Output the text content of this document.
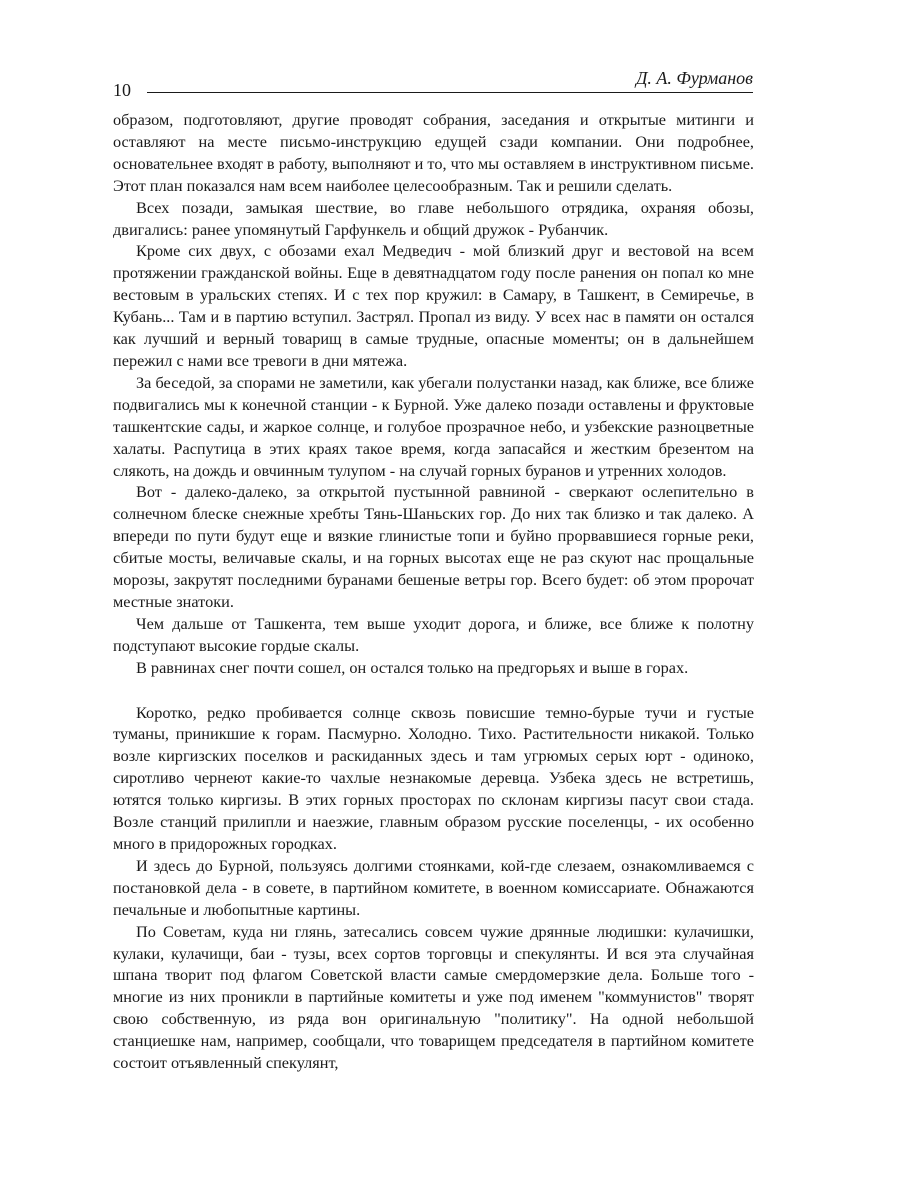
10
Д. А. Фурманов

образом, подготовляют, другие проводят собрания, заседания и открытые митинги и оставляют на месте письмо-инструкцию едущей сзади компании. Они подробнее, основательнее входят в работу, выполняют и то, что мы оставляем в инструктивном письме. Этот план показался нам всем наиболее целесообразным. Так и решили сделать.

Всех позади, замыкая шествие, во главе небольшого отрядика, охраняя обозы, двигались: ранее упомянутый Гарфункель и общий дружок - Рубанчик.

Кроме сих двух, с обозами ехал Медведич - мой близкий друг и вестовой на всем протяжении гражданской войны. Еще в девятнадцатом году после ранения он попал ко мне вестовым в уральских степях. И с тех пор кружил: в Самару, в Ташкент, в Семиречье, в Кубань... Там и в партию вступил. Застрял. Пропал из виду. У всех нас в памяти он остался как лучший и верный товарищ в самые трудные, опасные моменты; он в дальнейшем пережил с нами все тревоги в дни мятежа.

За беседой, за спорами не заметили, как убегали полустанки назад, как ближе, все ближе подвигались мы к конечной станции - к Бурной. Уже далеко позади оставлены и фруктовые ташкентские сады, и жаркое солнце, и голубое прозрачное небо, и узбекские разноцветные халаты. Распутица в этих краях такое время, когда запасайся и жестким брезентом на слякоть, на дождь и овчинным тулупом - на случай горных буранов и утренних холодов.

Вот - далеко-далеко, за открытой пустынной равниной - сверкают ослепительно в солнечном блеске снежные хребты Тянь-Шаньских гор. До них так близко и так далеко. А впереди по пути будут еще и вязкие глинистые топи и буйно прорвавшиеся горные реки, сбитые мосты, величавые скалы, и на горных высотах еще не раз скуют нас прощальные морозы, закрутят последними буранами бешеные ветры гор. Всего будет: об этом пророчат местные знатоки.

Чем дальше от Ташкента, тем выше уходит дорога, и ближе, все ближе к полотну подступают высокие гордые скалы.

В равнинах снег почти сошел, он остался только на предгорьях и выше в горах.

Коротко, редко пробивается солнце сквозь повисшие темно-бурые тучи и густые туманы, приникшие к горам. Пасмурно. Холодно. Тихо. Растительности никакой. Только возле киргизских поселков и раскиданных здесь и там угрюмых серых юрт - одиноко, сиротливо чернеют какие-то чахлые незнакомые деревца. Узбека здесь не встретишь, ютятся только киргизы. В этих горных просторах по склонам киргизы пасут свои стада. Возле станций прилипли и наезжие, главным образом русские поселенцы, - их особенно много в придорожных городках.

И здесь до Бурной, пользуясь долгими стоянками, кой-где слезаем, ознакомливаемся с постановкой дела - в совете, в партийном комитете, в военном комиссариате. Обнажаются печальные и любопытные картины.

По Советам, куда ни глянь, затесались совсем чужие дрянные людишки: кулачишки, кулаки, кулачищи, баи - тузы, всех сортов торговцы и спекулянты. И вся эта случайная шпана творит под флагом Советской власти самые смердомерзкие дела. Больше того - многие из них проникли в партийные комитеты и уже под именем "коммунистов" творят свою собственную, из ряда вон оригинальную "политику". На одной небольшой станциешке нам, например, сообщали, что товарищем председателя в партийном комитете состоит отъявленный спекулянт,
